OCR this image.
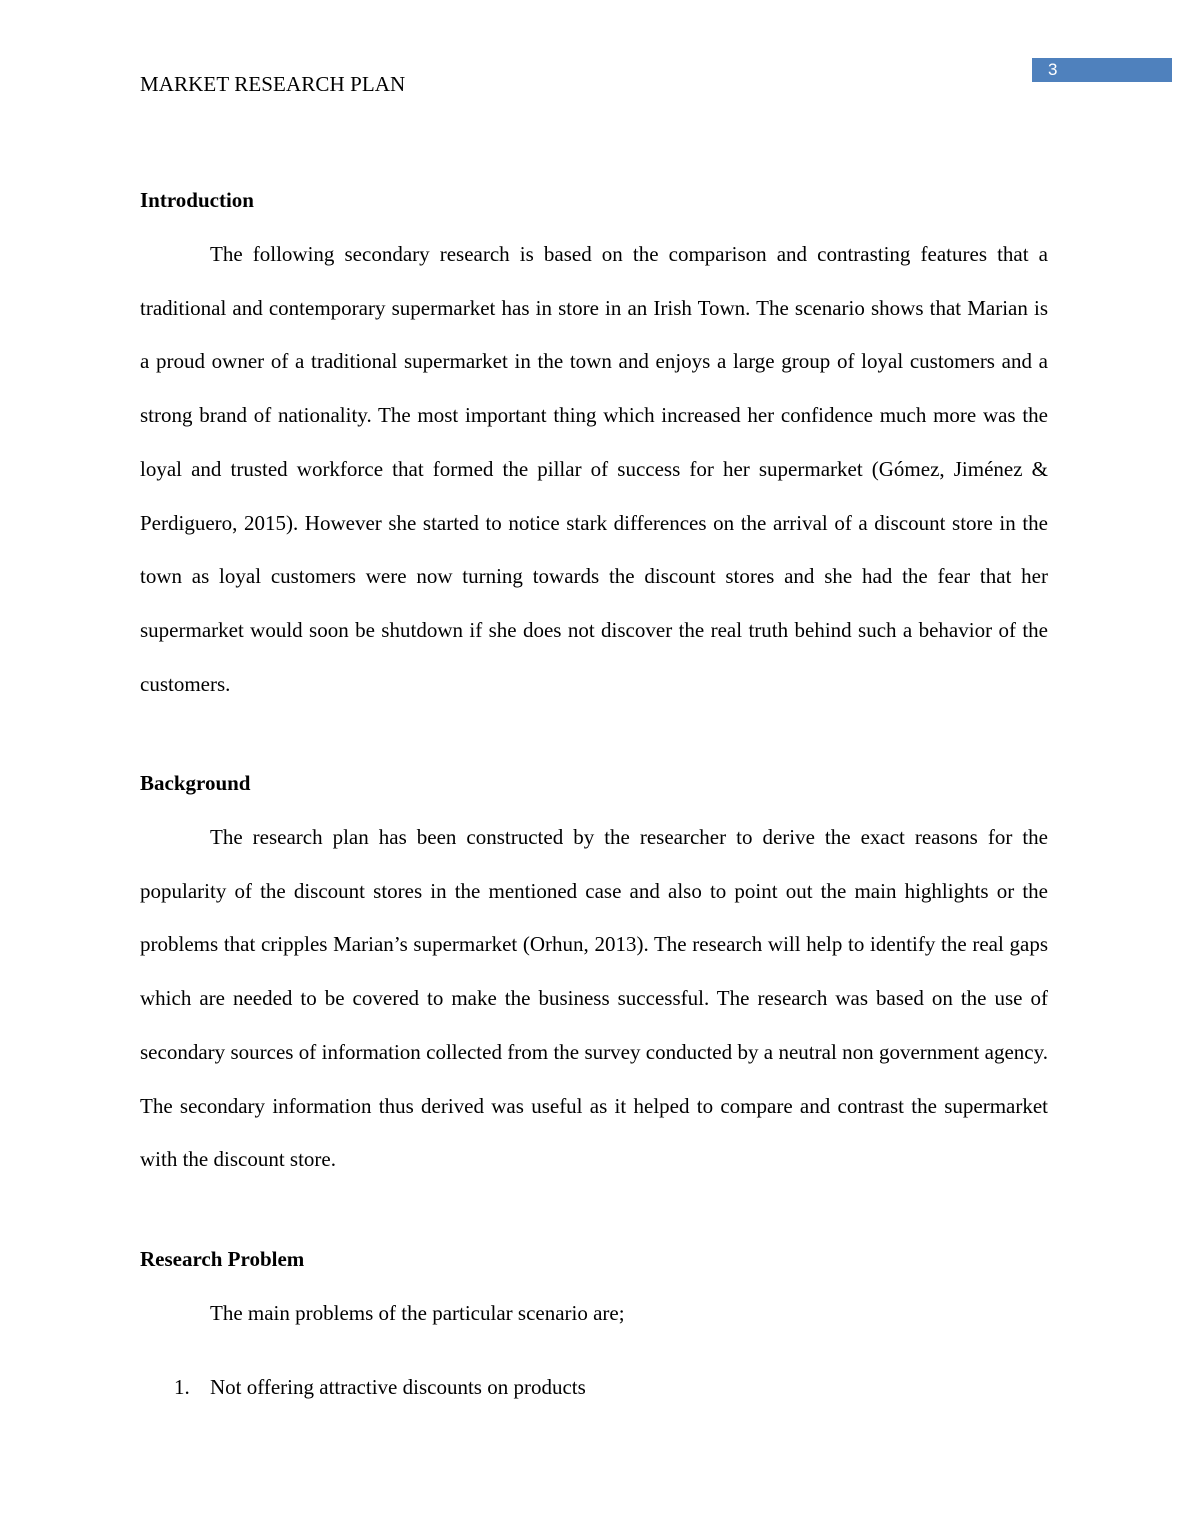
3
MARKET RESEARCH PLAN
Introduction

The following secondary research is based on the comparison and contrasting features that a traditional and contemporary supermarket has in store in an Irish Town. The scenario shows that Marian is a proud owner of a traditional supermarket in the town and enjoys a large group of loyal customers and a strong brand of nationality. The most important thing which increased her confidence much more was the loyal and trusted workforce that formed the pillar of success for her supermarket (Gómez, Jiménez & Perdiguero, 2015). However she started to notice stark differences on the arrival of a discount store in the town as loyal customers were now turning towards the discount stores and she had the fear that her supermarket would soon be shutdown if she does not discover the real truth behind such a behavior of the customers.

Background

The research plan has been constructed by the researcher to derive the exact reasons for the popularity of the discount stores in the mentioned case and also to point out the main highlights or the problems that cripples Marian’s supermarket (Orhun, 2013). The research will help to identify the real gaps which are needed to be covered to make the business successful. The research was based on the use of secondary sources of information collected from the survey conducted by a neutral non government agency. The secondary information thus derived was useful as it helped to compare and contrast the supermarket with the discount store.

Research Problem

The main problems of the particular scenario are;

1. Not offering attractive discounts on products
